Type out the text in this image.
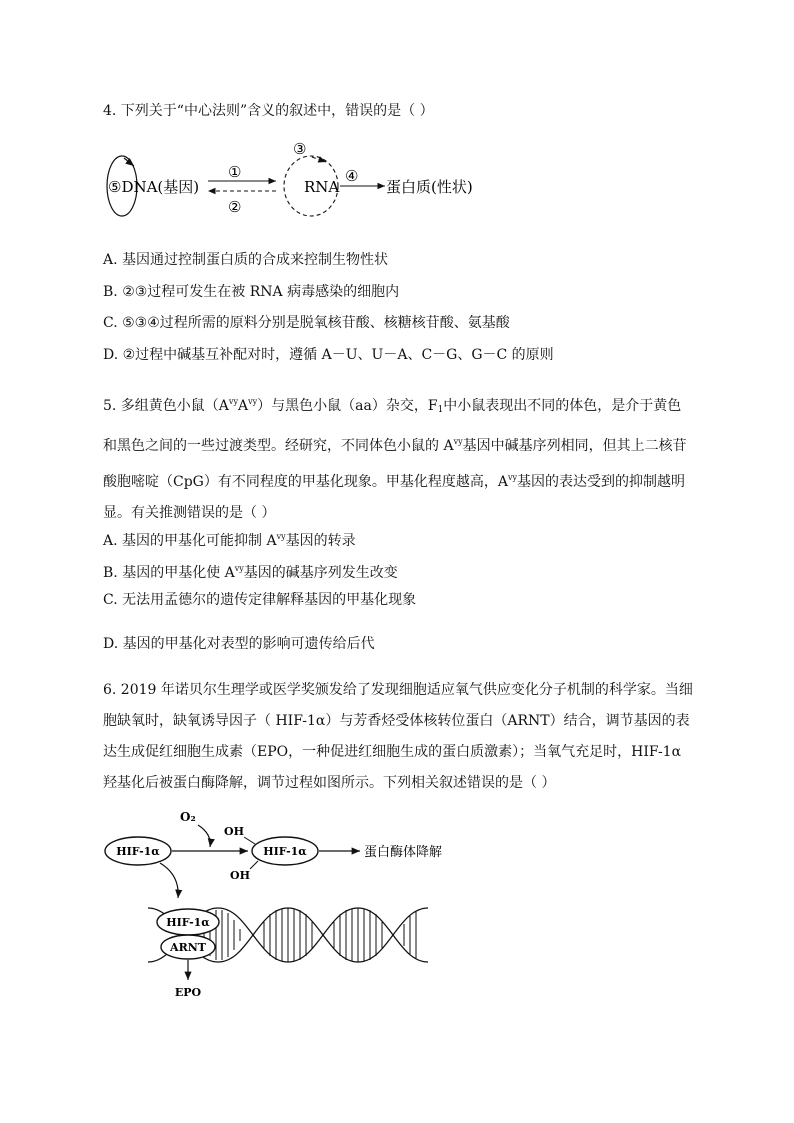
4. 下列关于“中心法则”含义的叙述中，错误的是（ ）
⑤DNA(基因)
①
②
③
RNA
④
蛋白质(性状)
A. 基因通过控制蛋白质的合成来控制生物性状
B. ②③过程可发生在被 RNA 病毒感染的细胞内
C. ⑤③④过程所需的原料分别是脱氧核苷酸、核糖核苷酸、氨基酸
D. ②过程中碱基互补配对时，遵循 A－U、U－A、C－G、G－C 的原则
5. 多组黄色小鼠$(A^{vy}A^{vy})$与黑色小鼠（aa）杂交，$F_1$中小鼠表现出不同的体色，是介于黄色和黑色之间的一些过渡类型。经研究，不同体色小鼠的 $A^{vy}$基因中碱基序列相同，但其上二核苷酸胞嘧啶（CpG）有不同程度的甲基化现象。甲基化程度越高，$A^{vy}$基因的表达受到的抑制越明显。有关推测错误的是（ ）
A. 基因的甲基化可能抑制 $A^{vy}$基因的转录
B. 基因的甲基化使 $A^{vy}$基因的碱基序列发生改变
C. 无法用孟德尔的遗传定律解释基因的甲基化现象
D. 基因的甲基化对表型的影响可遗传给后代
6. 2019 年诺贝尔生理学或医学奖颁发给了发现细胞适应氧气供应变化分子机制的科学家。当细胞缺氧时，缺氧诱导因子（ HIF-1α）与芳香烃受体核转位蛋白（ARNT）结合，调节基因的表达生成促红细胞生成素（EPO，一种促进红细胞生成的蛋白质激素）；当氧气充足时，HIF-1α羟基化后被蛋白酶降解，调节过程如图所示。下列相关叙述错误的是（ ）
O₂
HIF-1α
OH
OH
HIF-1α	蛋白酶体降解
HIF-1α
ARNT
EPO
